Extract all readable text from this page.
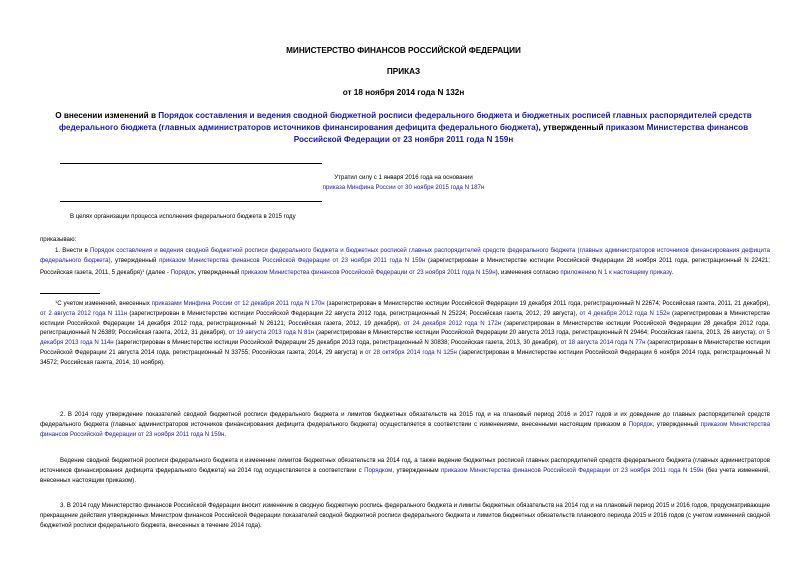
МИНИСТЕРСТВО ФИНАНСОВ РОССИЙСКОЙ ФЕДЕРАЦИИ
ПРИКАЗ
от 18 ноября 2014 года N 132н
О внесении изменений в Порядок составления и ведения сводной бюджетной росписи федерального бюджета и бюджетных росписей главных распорядителей средств федерального бюджета (главных администраторов источников финансирования дефицита федерального бюджета), утвержденный приказом Министерства финансов Российской Федерации от 23 ноября 2011 года N 159н
Утратил силу с 1 января 2016 года на основании
приказа Минфина России от 30 ноября 2015 года N 187н
В целях организации процесса исполнения федерального бюджета в 2015 году
приказываю:
1. Внести в Порядок составления и ведения сводной бюджетной росписи федерального бюджета и бюджетных росписей главных распорядителей средств федерального бюджета (главных администраторов источников финансирования дефицита федерального бюджета), утвержденный приказом Министерства финансов Российской Федерации от 23 ноября 2011 года N 159н (зарегистрирован в Министерстве юстиции Российской Федерации 28 ноября 2011 года, регистрационный N 22421; Российская газета, 2011, 5 декабря)$^1$ (далее - Порядок, утвержденный приказом Министерства финансов Российской Федерации от 23 ноября 2011 года N 159н), изменения согласно приложению N 1 к настоящему приказу.
$^1$С учетом изменений, внесенных приказами Минфина России от 12 декабря 2011 года N 170н (зарегистрирован в Министерстве юстиции Российской Федерации 19 декабря 2011 года, регистрационный N 22674; Российская газета, 2011, 21 декабря), от 2 августа 2012 года N 111н (зарегистрирован в Министерстве юстиции Российской Федерации 22 августа 2012 года, регистрационный N 25224; Российская газета, 2012, 29 августа), от 4 декабря 2012 года N 152н (зарегистрирован в Министерстве юстиции Российской Федерации 14 декабря 2012 года, регистрационный N 26121; Российская газета, 2012, 19 декабря), от 24 декабря 2012 года N 172н (зарегистрирован в Министерстве юстиции Российской Федерации 28 декабря 2012 года, регистрационный N 26389; Российская газета, 2012, 31 декабря), от 19 августа 2013 года N 81н (зарегистрирован в Министерстве юстиции Российской Федерации 20 августа 2013 года, регистрационный N 29464; Российская газета, 2013, 26 августа), от 5 декабря 2013 года N 114н (зарегистрирован в Министерстве юстиции Российской Федерации 25 декабря 2013 года, регистрационный N 30838; Российская газета, 2013, 30 декабря), от 18 августа 2014 года N 77н (зарегистрирован в Министерстве юстиции Российской Федерации 21 августа 2014 года, регистрационный N 33755; Российская газета, 2014, 29 августа) и от 28 октября 2014 года N 125н (зарегистрирован в Министерстве юстиции Российской Федерации 6 ноября 2014 года, регистрационный N 34572; Российская газета, 2014, 10 ноября).
2. В 2014 году утверждение показателей сводной бюджетной росписи федерального бюджета и лимитов бюджетных обязательств на 2015 год и на плановый период 2016 и 2017 годов и их доведение до главных распорядителей средств федерального бюджета (главных администраторов источников финансирования дефицита федерального бюджета) осуществляется в соответствии с изменениями, внесенными настоящим приказом в Порядок, утвержденный приказом Министерства финансов Российской Федерации от 23 ноября 2011 года N 159н.
Ведение сводной бюджетной росписи федерального бюджета и изменение лимитов бюджетных обязательств на 2014 год, а также ведение бюджетных росписей главных распорядителей средств федерального бюджета (главных администраторов источников финансирования дефицита федерального бюджета) на 2014 год осуществляется в соответствии с Порядком, утвержденным приказом Министерства финансов Российской Федерации от 23 ноября 2011 года N 159н (без учета изменений, внесенных настоящим приказом).
3. В 2014 году Министерство финансов Российской Федерации вносит изменение в сводную бюджетную роспись федерального бюджета и лимиты бюджетных обязательств на 2014 год и на плановый период 2015 и 2016 годов, предусматривающие прекращение действия утвержденных Министром финансов Российской Федерации показателей сводной бюджетной росписи федерального бюджета и лимитов бюджетных обязательств планового периода 2015 и 2016 годов (с учетом изменений сводной бюджетной росписи федерального бюджета, внесенных в течение 2014 года).
